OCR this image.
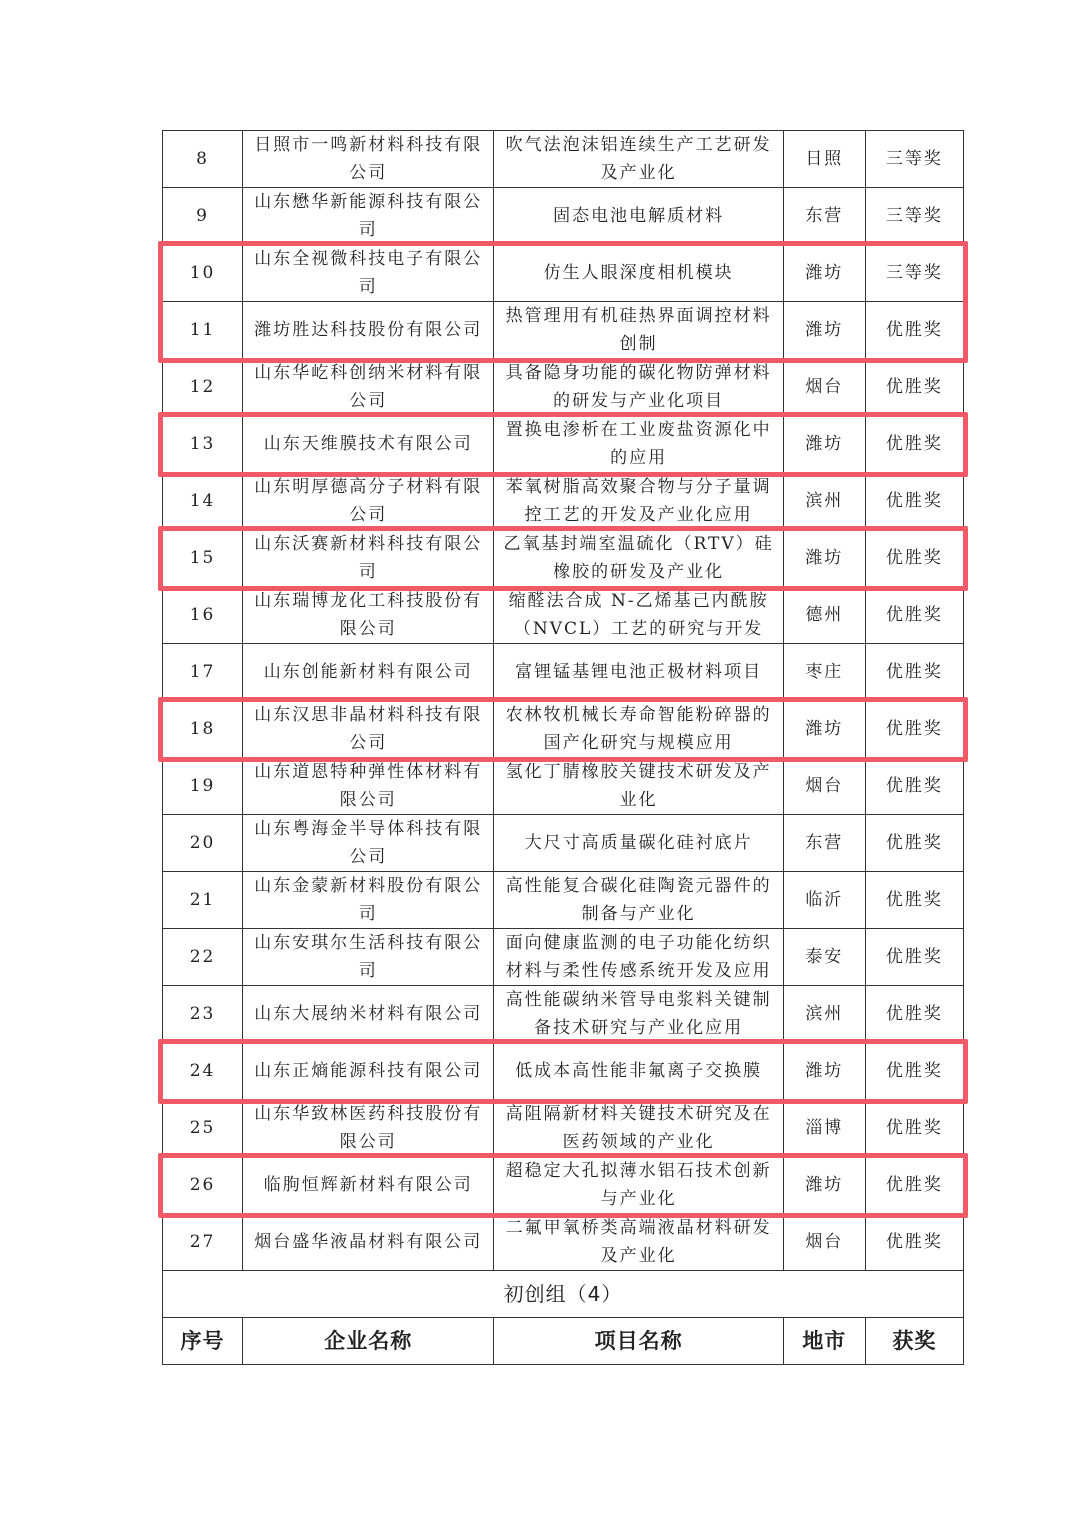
8	日照市一鸣新材料科技有限公司	吹气法泡沫铝连续生产工艺研发及产业化	日照	三等奖
9	山东懋华新能源科技有限公司	固态电池电解质材料	东营	三等奖
10	山东全视微科技电子有限公司	仿生人眼深度相机模块	潍坊	三等奖
11	潍坊胜达科技股份有限公司	热管理用有机硅热界面调控材料创制	潍坊	优胜奖
12	山东华屹科创纳米材料有限公司	具备隐身功能的碳化物防弹材料的研发与产业化项目	烟台	优胜奖
13	山东天维膜技术有限公司	置换电渗析在工业废盐资源化中的应用	潍坊	优胜奖
14	山东明厚德高分子材料有限公司	苯氧树脂高效聚合物与分子量调控工艺的开发及产业化应用	滨州	优胜奖
15	山东沃赛新材料科技有限公司	乙氧基封端室温硫化（RTV）硅橡胶的研发及产业化	潍坊	优胜奖
16	山东瑞博龙化工科技股份有限公司	缩醛法合成 N-乙烯基己内酰胺（NVCL）工艺的研究与开发	德州	优胜奖
17	山东创能新材料有限公司	富锂锰基锂电池正极材料项目	枣庄	优胜奖
18	山东汉思非晶材料科技有限公司	农林牧机械长寿命智能粉碎器的国产化研究与规模应用	潍坊	优胜奖
19	山东道恩特种弹性体材料有限公司	氢化丁腈橡胶关键技术研发及产业化	烟台	优胜奖
20	山东粤海金半导体科技有限公司	大尺寸高质量碳化硅衬底片	东营	优胜奖
21	山东金蒙新材料股份有限公司	高性能复合碳化硅陶瓷元器件的制备与产业化	临沂	优胜奖
22	山东安琪尔生活科技有限公司	面向健康监测的电子功能化纺织材料与柔性传感系统开发及应用	泰安	优胜奖
23	山东大展纳米材料有限公司	高性能碳纳米管导电浆料关键制备技术研究与产业化应用	滨州	优胜奖
24	山东正熵能源科技有限公司	低成本高性能非氟离子交换膜	潍坊	优胜奖
25	山东华致林医药科技股份有限公司	高阻隔新材料关键技术研究及在医药领域的产业化	淄博	优胜奖
26	临朐恒辉新材料有限公司	超稳定大孔拟薄水铝石技术创新与产业化	潍坊	优胜奖
27	烟台盛华液晶材料有限公司	二氟甲氧桥类高端液晶材料研发及产业化	烟台	优胜奖
初创组（4）				
序号	企业名称	项目名称	地市	获奖
